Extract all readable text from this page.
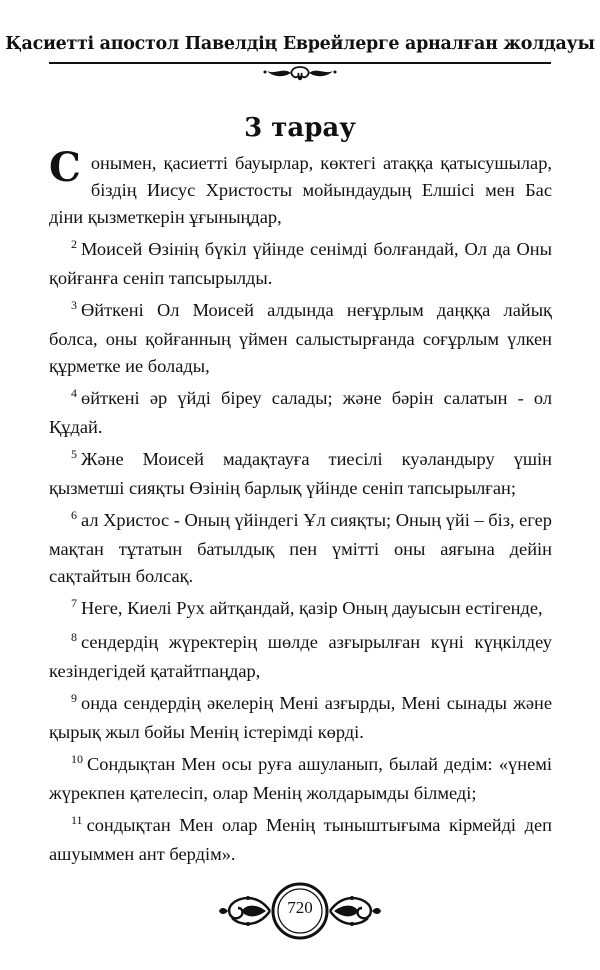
Қасиетті апостол Павелдің Еврейлерге арналған жолдауы
3 тарау

Сонымен, қасиетті бауырлар, көктегі атаққа қатысушылар, біздің Иисус Христосты мойындаудың Елшісі мен Бас діни қызметкерін ұғыныңдар,

$^2$ Моисей Өзінің бүкіл үйінде сенімді болғандай, Ол да Оны қойғанға сеніп тапсырылды.

$^3$ Өйткені Ол Моисей алдында неғұрлым даңққа лайық болса, оны қойғанның үймен салыстырғанда соғұрлым үлкен құрметке ие болады,

$^4$ өйткені әр үйді біреу салады; және бәрін салатын - ол Құдай.

$^5$ Және Моисей мадақтауға тиесілі куәландыру үшін қызметші сияқты Өзінің барлық үйінде сеніп тапсырылған;

$^6$ ал Христос - Оның үйіндегі Ұл сияқты; Оның үйі – біз, егер мақтан тұтатын батылдық пен үмітті оны аяғына дейін сақтайтын болсақ.

$^7$ Неге, Киелі Рух айтқандай, қазір Оның дауысын естігенде,

$^8$ сендердің жүректерің шөлде азғырылған күні күңкілдеу кезіндегідей қатайтпаңдар,

$^9$ онда сендердің әкелерің Мені азғырды, Мені сынады және қырық жыл бойы Менің істерімді көрді.

$^{10}$ Сондықтан Мен осы руға ашуланып, былай дедім: «үнемі жүрекпен қателесіп, олар Менің жолдарымды білмеді;

$^{11}$ сондықтан Мен олар Менің тыныштығыма кірмейді деп ашуыммен ант бердім».

720
